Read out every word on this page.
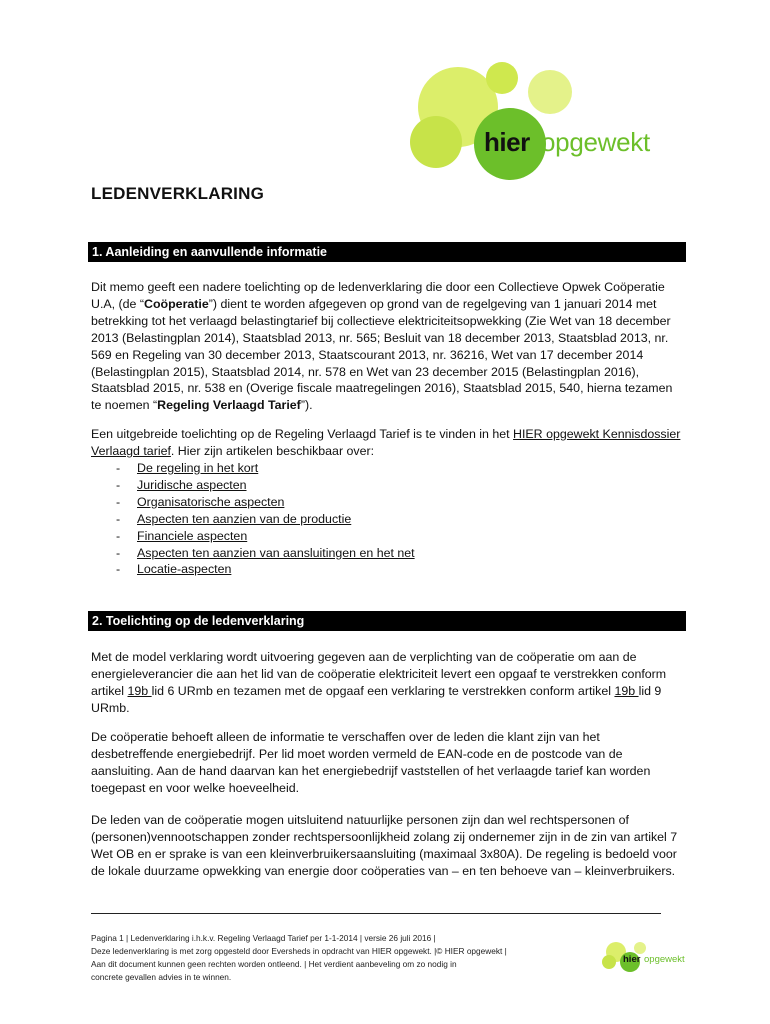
hier opgewekt
LEDENVERKLARING
1. Aanleiding en aanvullende informatie

Dit memo geeft een nadere toelichting op de ledenverklaring die door een Collectieve Opwek Coöperatie U.A, (de “Coöperatie”) dient te worden afgegeven op grond van de regelgeving van 1 januari 2014 met betrekking tot het verlaagd belastingtarief bij collectieve elektriciteitsopwekking (Zie Wet van 18 december 2013 (Belastingplan 2014), Staatsblad 2013, nr. 565; Besluit van 18 december 2013, Staatsblad 2013, nr. 569 en Regeling van 30 december 2013, Staatscourant 2013, nr. 36216, Wet van 17 december 2014 (Belastingplan 2015), Staatsblad 2014, nr. 578 en Wet van 23 december 2015 (Belastingplan 2016), Staatsblad 2015, nr. 538 en (Overige fiscale maatregelingen 2016), Staatsblad 2015, 540, hierna tezamen te noemen “Regeling Verlaagd Tarief”).

Een uitgebreide toelichting op de Regeling Verlaagd Tarief is te vinden in het HIER opgewekt Kennisdossier Verlaagd tarief. Hier zijn artikelen beschikbaar over:

- De regeling in het kort
- Juridische aspecten
- Organisatorische aspecten
- Aspecten ten aanzien van de productie
- Financiele aspecten
- Aspecten ten aanzien van aansluitingen en het net
- Locatie-aspecten
2. Toelichting op de ledenverklaring

Met de model verklaring wordt uitvoering gegeven aan de verplichting van de coöperatie om aan de energieleverancier die aan het lid van de coöperatie elektriciteit levert een opgaaf te verstrekken conform artikel 19b lid 6 URmb en tezamen met de opgaaf een verklaring te verstrekken conform artikel 19b lid 9 URmb.

De coöperatie behoeft alleen de informatie te verschaffen over de leden die klant zijn van het desbetreffende energiebedrijf. Per lid moet worden vermeld de EAN-code en de postcode van de aansluiting. Aan de hand daarvan kan het energiebedrijf vaststellen of het verlaagde tarief kan worden toegepast en voor welke hoeveelheid.

De leden van de coöperatie mogen uitsluitend natuurlijke personen zijn dan wel rechtspersonen of (personen)vennootschappen zonder rechtspersoonlijkheid zolang zij ondernemer zijn in de zin van artikel 7 Wet OB en er sprake is van een kleinverbruikersaansluiting (maximaal 3x80A). De regeling is bedoeld voor de lokale duurzame opwekking van energie door coöperaties van – en ten behoeve van – kleinverbruikers.

Pagina 1 | Ledenverklaring i.h.k.v. Regeling Verlaagd Tarief per 1-1-2014 | versie 26 juli 2016 |
Deze ledenverklaring is met zorg opgesteld door Eversheds in opdracht van HIER opgewekt. |© HIER opgewekt |
Aan dit document kunnen geen rechten worden ontleend. | Het verdient aanbeveling om zo nodig in
concrete gevallen advies in te winnen.

hier opgewekt
